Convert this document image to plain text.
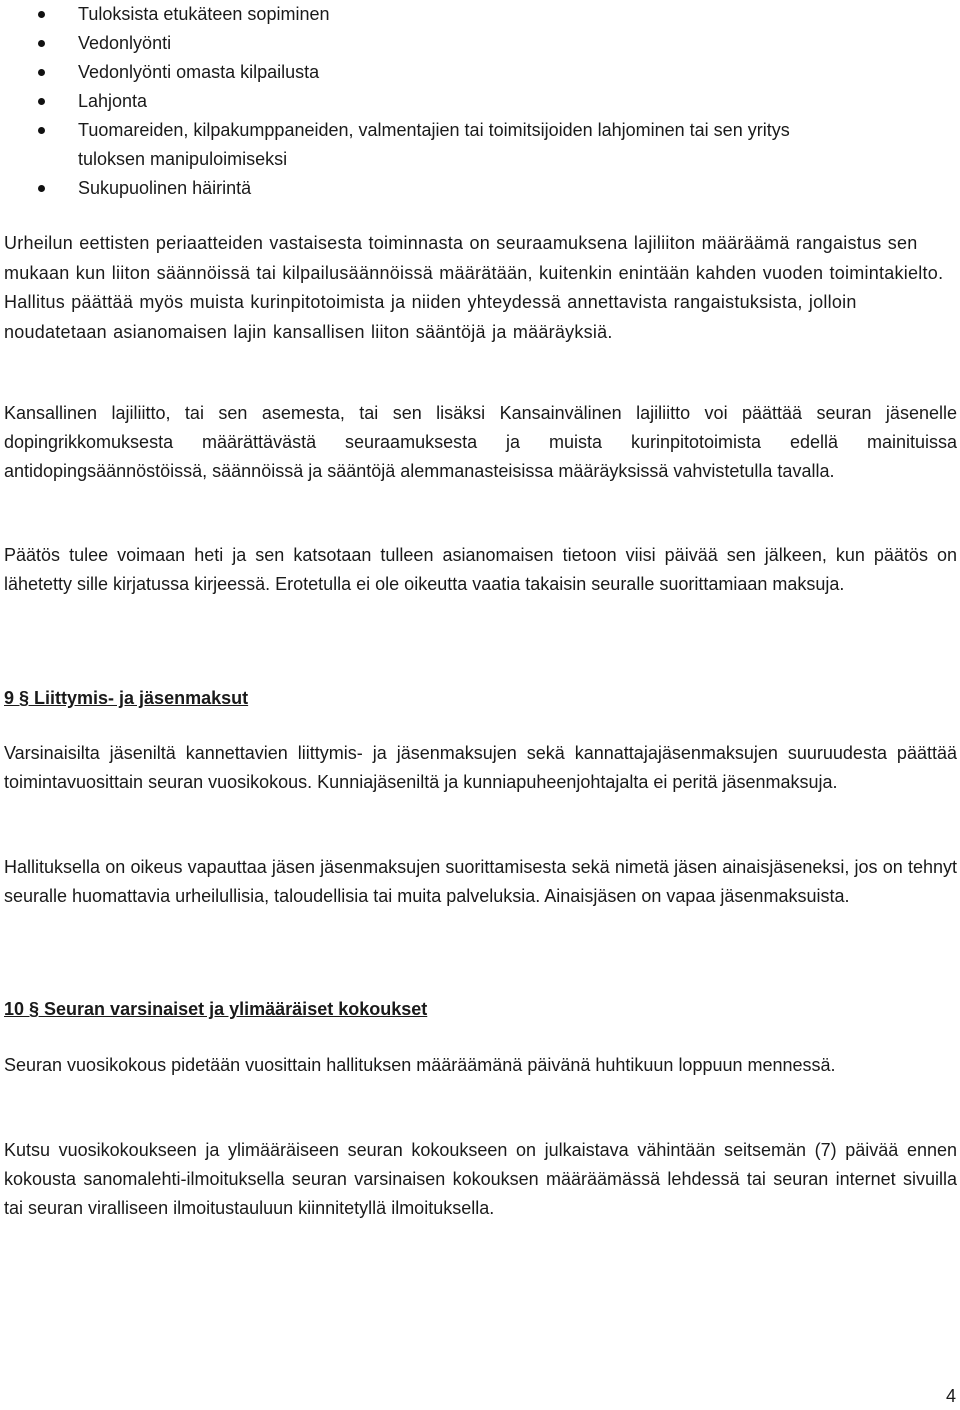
Tuloksista etukäteen sopiminen
Vedonlyönti
Vedonlyönti omasta kilpailusta
Lahjonta
Tuomareiden, kilpakumppaneiden, valmentajien tai toimitsijoiden lahjominen tai sen yritys tuloksen manipuloimiseksi
Sukupuolinen häirintä

Urheilun eettisten periaatteiden vastaisesta toiminnasta on seuraamuksena lajiliiton määräämä rangaistus sen mukaan kun liiton säännöissä tai kilpailusäännöissä määrätään, kuitenkin enintään kahden vuoden toimintakielto. Hallitus päättää myös muista kurinpitotoimista ja niiden yhteydessä annettavista rangaistuksista, jolloin noudatetaan asianomaisen lajin kansallisen liiton sääntöjä ja määräyksiä.

Kansallinen lajiliitto, tai sen asemesta, tai sen lisäksi Kansainvälinen lajiliitto voi päättää seuran jäsenelle dopingrikkomuksesta määrättävästä seuraamuksesta ja muista kurinpitotoimista edellä mainituissa antidopingsäännöstöissä, säännöissä ja sääntöjä alemmanasteisissa määräyksissä vahvistetulla tavalla.

Päätös tulee voimaan heti ja sen katsotaan tulleen asianomaisen tietoon viisi päivää sen jälkeen, kun päätös on lähetetty sille kirjatussa kirjeessä. Erotetulla ei ole oikeutta vaatia takaisin seuralle suorittamiaan maksuja.

9 § Liittymis- ja jäsenmaksut

Varsinaisilta jäseniltä kannettavien liittymis- ja jäsenmaksujen sekä kannattajajäsenmaksujen suuruudesta päättää toimintavuosittain seuran vuosikokous. Kunniajäseniltä ja kunniapuheenjohtajalta ei peritä jäsenmaksuja.

Hallituksella on oikeus vapauttaa jäsen jäsenmaksujen suorittamisesta sekä nimetä jäsen ainaisjäseneksi, jos on tehnyt seuralle huomattavia urheilullisia, taloudellisia tai muita palveluksia. Ainaisjäsen on vapaa jäsenmaksuista.

10 § Seuran varsinaiset ja ylimääräiset kokoukset

Seuran vuosikokous pidetään vuosittain hallituksen määräämänä päivänä huhtikuun loppuun mennessä.

Kutsu vuosikokoukseen ja ylimääräiseen seuran kokoukseen on julkaistava vähintään seitsemän (7) päivää ennen kokousta sanomalehti-ilmoituksella seuran varsinaisen kokouksen määräämässä lehdessä tai seuran internet sivuilla tai seuran viralliseen ilmoitustauluun kiinnitetyllä ilmoituksella.

4
